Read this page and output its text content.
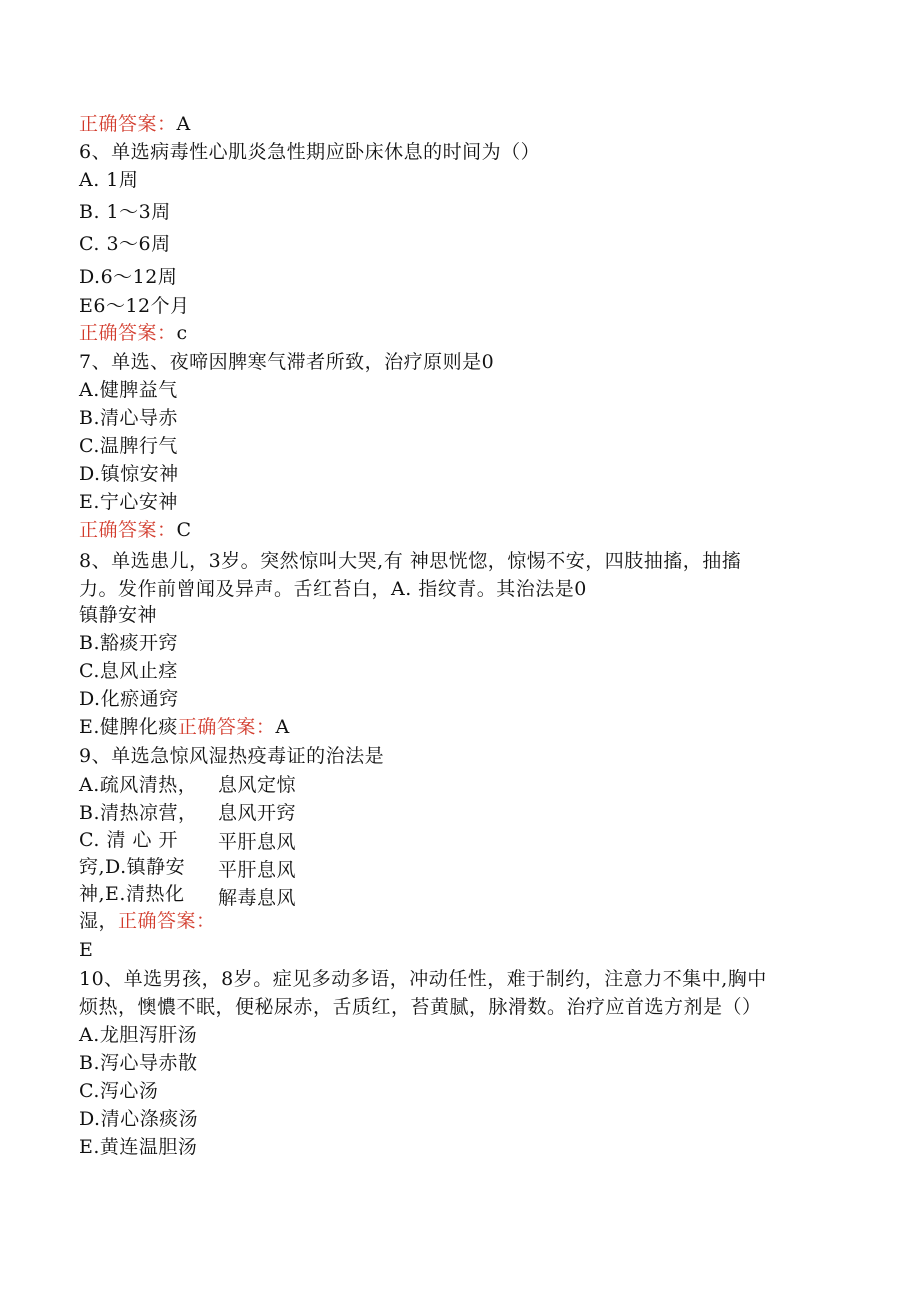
正确答案：A
6、单选病毒性心肌炎急性期应卧床休息的时间为（）
A. 1周
B. 1～3周
C. 3～6周
D.6～12周
E6～12个月
正确答案：c
7、单选、夜啼因脾寒气滞者所致，治疗原则是0
A.健脾益气
B.清心导赤
C.温脾行气
D.镇惊安神
E.宁心安神
正确答案：C
8、单选患儿，3岁。突然惊叫大哭,有 神思恍惚，惊惕不安，四肢抽搐，抽搐
力。发作前曾闻及异声。舌红苔白，A. 指纹青。其治法是0
镇静安神
B.豁痰开窍
C.息风止痉
D.化瘀通窍
E.健脾化痰正确答案：A
9、单选急惊风湿热疫毒证的治法是
A.疏风清热， 息风定惊
B.清热凉营， 息风开窍
C. 清 心 开 平肝息风
窍,D.镇静安 平肝息风
神,E.清热化 解毒息风
湿，正确答案：
E
10、单选男孩，8岁。症见多动多语，冲动任性，难于制约，注意力不集中,胸中
烦热，懊憹不眠，便秘尿赤，舌质红，苔黄腻，脉滑数。治疗应首选方剂是（）
A.龙胆泻肝汤
B.泻心导赤散
C.泻心汤
D.清心涤痰汤
E.黄连温胆汤
